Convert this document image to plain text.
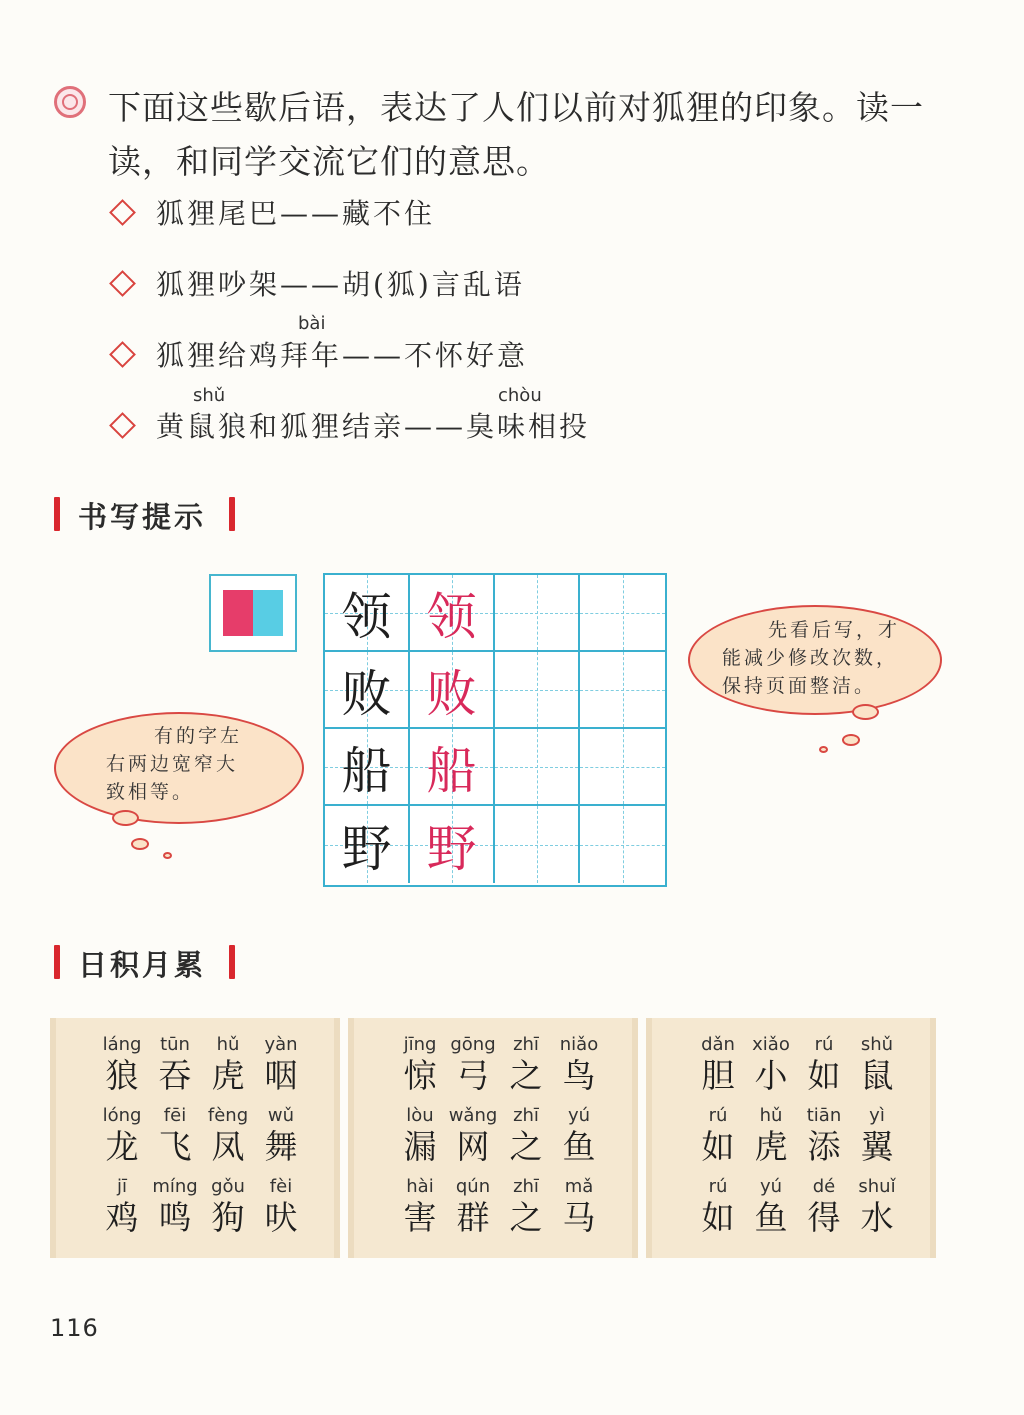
下面这些歇后语，表达了人们以前对狐狸的印象。读一
读，和同学交流它们的意思。
狐狸尾巴——藏不住
狐狸吵架——胡(狐)言乱语
bài
狐狸给鸡拜年——不怀好意
shǔ	chòu
黄鼠狼和狐狸结亲——臭味相投
书写提示
领 领
败 败
船 船
野 野
有的字左
右两边宽窄大
致相等。
先看后写，才
能减少修改次数，
保持页面整洁。
日积月累
láng
狼
tūn
吞
hǔ
虎
yàn
咽
lóng
龙
fēi
飞
fèng
凤
wǔ
舞
jī
鸡
míng
鸣
gǒu
狗
fèi
吠
jīng
惊
gōng
弓
zhī
之
niǎo
鸟
lòu
漏
wǎng
网
zhī
之
yú
鱼
hài
害
qún
群
zhī
之
mǎ
马
dǎn
胆
xiǎo
小
rú
如
shǔ
鼠
rú
如
hǔ
虎
tiān
添
yì
翼
rú
如
yú
鱼
dé
得
shuǐ
水
116
